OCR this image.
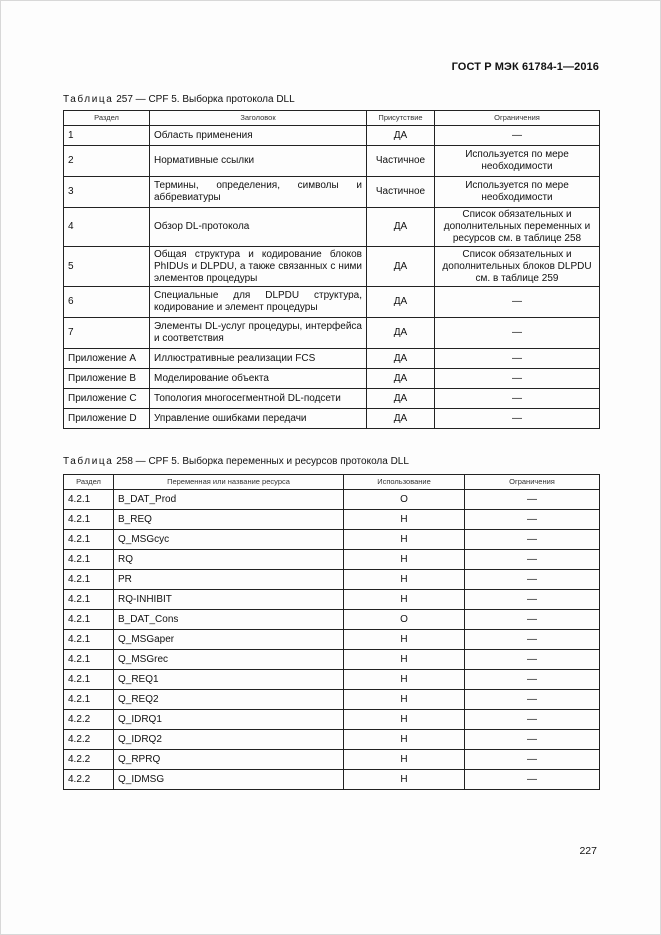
ГОСТ Р МЭК 61784-1—2016
Таблица 257 — CPF 5. Выборка протокола DLL
Раздел	Заголовок	Присутствие	Ограничения
1	Область применения	ДА	—
2	Нормативные ссылки	Частичное	Используется по мере необходимости
3	Термины, определения, символы и аббревиатуры	Частичное	Используется по мере необходимости
4	Обзор DL-протокола	ДА	Список обязательных и дополнительных переменных и ресурсов см. в таблице 258
5	Общая структура и кодирование блоков PhIDUs и DLPDU, а также связанных с ними элементов процедуры	ДА	Список обязательных и дополнительных блоков DLPDU см. в таблице 259
6	Специальные для DLPDU структура, кодирование и элемент процедуры	ДА	—
7	Элементы DL-услуг процедуры, интерфейса и соответствия	ДА	—
Приложение A	Иллюстративные реализации FCS	ДА	—
Приложение B	Моделирование объекта	ДА	—
Приложение C	Топология многосегментной DL-подсети	ДА	—
Приложение D	Управление ошибками передачи	ДА	—
Таблица 258 — CPF 5. Выборка переменных и ресурсов протокола DLL
Раздел	Переменная или название ресурса	Использование	Ограничения
4.2.1	B_DAT_Prod	О	—
4.2.1	B_REQ	Н	—
4.2.1	Q_MSGcyc	Н	—
4.2.1	RQ	Н	—
4.2.1	PR	Н	—
4.2.1	RQ-INHIBIT	Н	—
4.2.1	B_DAT_Cons	О	—
4.2.1	Q_MSGaper	Н	—
4.2.1	Q_MSGrec	Н	—
4.2.1	Q_REQ1	Н	—
4.2.1	Q_REQ2	Н	—
4.2.2	Q_IDRQ1	Н	—
4.2.2	Q_IDRQ2	Н	—
4.2.2	Q_RPRQ	Н	—
4.2.2	Q_IDMSG	Н	—
227
